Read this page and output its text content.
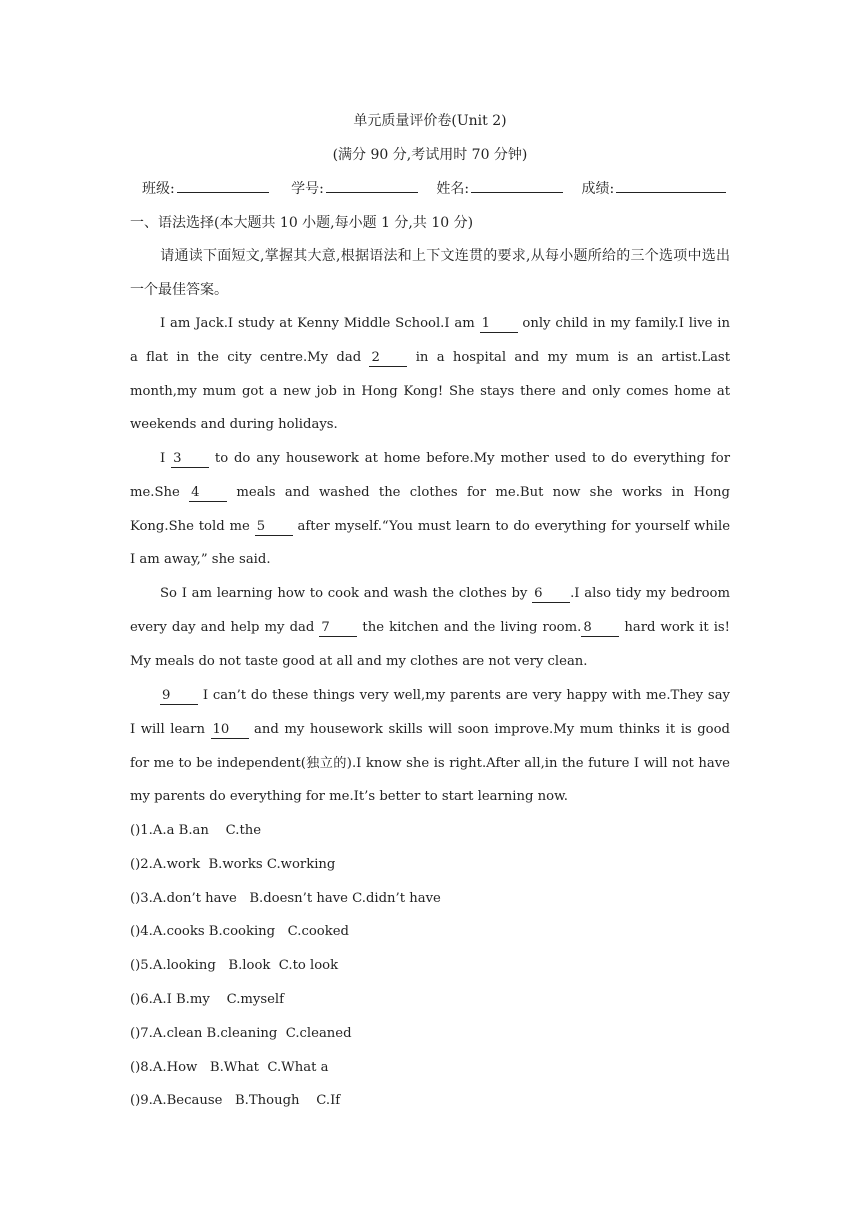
单元质量评价卷(Unit 2)
(满分 90 分,考试用时 70 分钟)
班级:	学号:	姓名:	成绩:
一、语法选择(本大题共 10 小题,每小题 1 分,共 10 分)
请通读下面短文,掌握其大意,根据语法和上下文连贯的要求,从每小题所给的三个选项中选出一个最佳答案。
I am Jack.I study at Kenny Middle School.I am 1 only child in my family.I live in a flat in the city centre.My dad 2 in a hospital and my mum is an artist.Last month,my mum got a new job in Hong Kong! She stays there and only comes home at weekends and during holidays.
I 3 to do any housework at home before.My mother used to do everything for me.She 4 meals and washed the clothes for me.But now she works in Hong Kong.She told me 5 after myself.“You must learn to do everything for yourself while I am away,” she said.
So I am learning how to cook and wash the clothes by 6 .I also tidy my bedroom every day and help my dad 7 the kitchen and the living room. 8 hard work it is! My meals do not taste good at all and my clothes are not very clean.
9 I can’t do these things very well,my parents are very happy with me.They say I will learn 10 and my housework skills will soon improve.My mum thinks it is good for me to be independent(独立的).I know she is right.After all,in the future I will not have my parents do everything for me.It’s better to start learning now.
()1.A.a B.an    C.the
()2.A.work  B.works C.working
()3.A.don’t have   B.doesn’t have C.didn’t have
()4.A.cooks B.cooking   C.cooked
()5.A.looking   B.look  C.to look
()6.A.I B.my    C.myself
()7.A.clean B.cleaning  C.cleaned
()8.A.How   B.What  C.What a
()9.A.Because   B.Though    C.If
